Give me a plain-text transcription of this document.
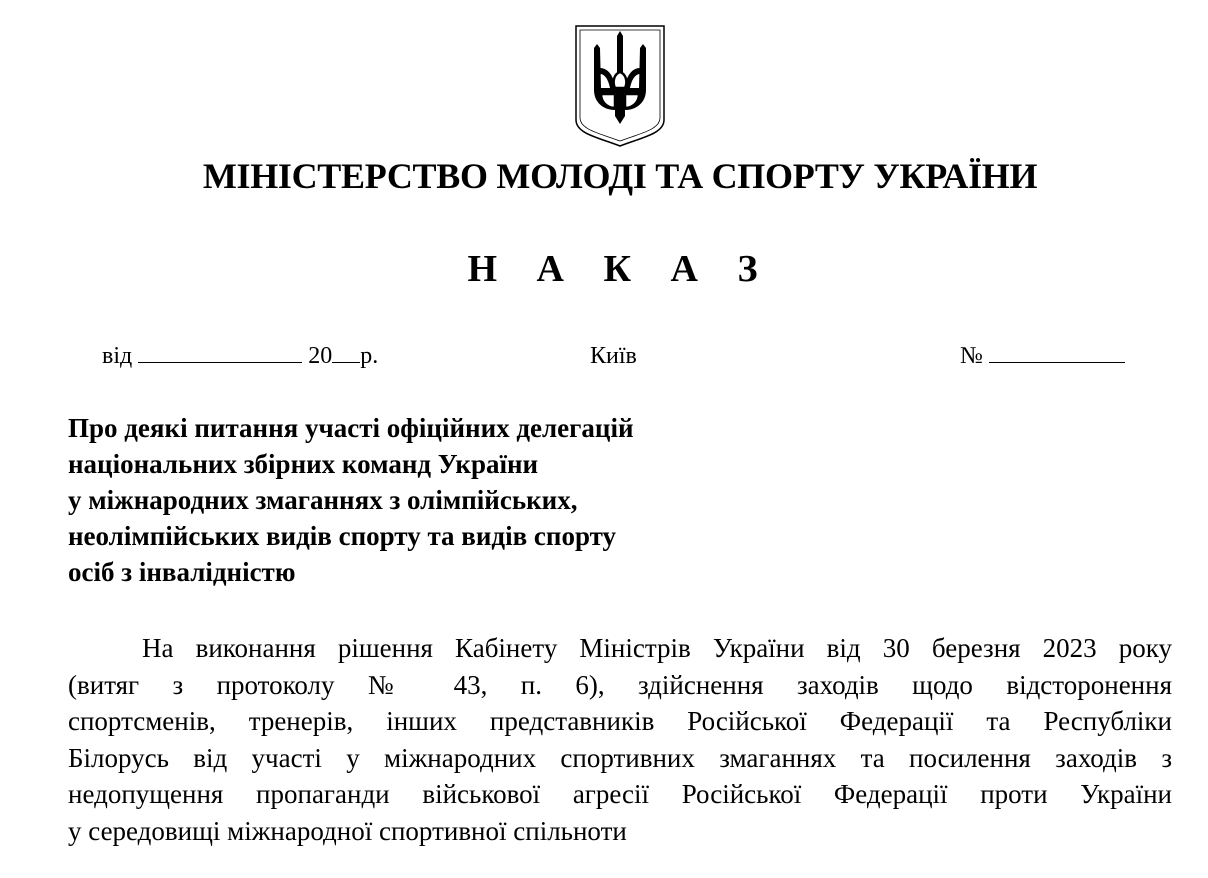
МІНІСТЕРСТВО МОЛОДІ ТА СПОРТУ УКРАЇНИ
Н А К А З
від	20 р.	Київ	№
Про деякі питання участі офіційних делегацій
національних збірних команд України
у міжнародних змаганнях з олімпійських,
неолімпійських видів спорту та видів спорту
осіб з інвалідністю
На виконання рішення Кабінету Міністрів України від 30 березня 2023 року
(витяг з протоколу № 43, п. 6), здійснення заходів щодо відсторонення
спортсменів, тренерів, інших представників Російської Федерації та Республіки
Білорусь від участі у міжнародних спортивних змаганнях та посилення заходів з
недопущення пропаганди військової агресії Російської Федерації проти України
у середовищі міжнародної спортивної спільноти
